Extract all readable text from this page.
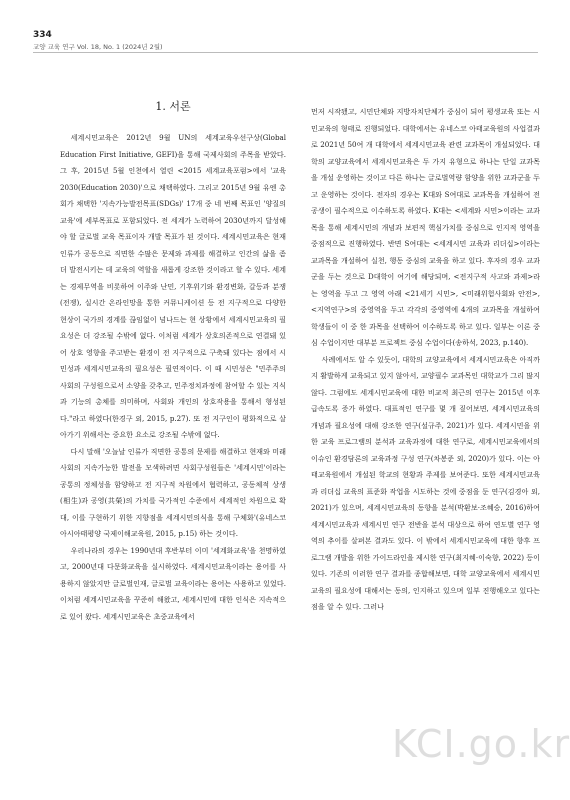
334
교양 교육 연구 Vol. 18, No. 1 (2024년 2월)
1. 서론

세계시민교육은 2012년 9월 UN의 세계교육우선구상(Global Education First Initiative, GEFI)을 통해 국제사회의 주목을 받았다. 그 후, 2015년 5월 인천에서 열린 <2015 세계교육포럼>에서 '교육 2030(Education 2030)'으로 채택하였다. 그리고 2015년 9월 유엔 총회가 채택한 '지속가능발전목표(SDGs)' 17개 중 네 번째 목표인 '양질의 교육'에 세부목표로 포함되었다. 전 세계가 노력하여 2030년까지 달성해야 할 글로벌 교육 목표이자 개발 목표가 된 것이다. 세계시민교육은 현재 인류가 공동으로 직면한 수많은 문제와 과제를 해결하고 인간의 삶을 좀 더 발전시키는 데 교육의 역할을 새롭게 강조한 것이라고 할 수 있다. 세계는 경제무역을 비롯하여 이주와 난민, 기후위기와 환경변화, 갈등과 분쟁(전쟁), 실시간 온라인망을 통한 커뮤니케이션 등 전 지구적으로 다양한 현상이 국가의 경계를 끊임없이 넘나드는 현 상황에서 세계시민교육의 필요성은 더 강조될 수밖에 없다. 이처럼 세계가 상호의존적으로 연결돼 있어 상호 영향을 주고받는 환경이 전 지구적으로 구축돼 있다는 점에서 시민성과 세계시민교육의 필요성은 필연적이다. 이 때 시민성은 "민주주의 사회의 구성원으로서 소양을 갖추고, 민주정치과정에 참여할 수 있는 지식과 기능의 총체를 의미하며, 사회와 개인의 상호작용을 통해서 형성된다."라고 하였다(한경구 외, 2015, p.27). 또 전 지구인이 평화적으로 살아가기 위해서는 중요한 요소로 강조될 수밖에 없다.

다시 말해 '오늘날 인류가 직면한 공통의 문제를 해결하고 현재와 미래 사회의 지속가능한 발전을 모색하려면 사회구성원들은 '세계시민'이라는 공통의 정체성을 함양하고 전 지구적 차원에서 협력하고, 공동체적 상생(相生)과 공영(共榮)의 가치를 국가적인 수준에서 세계적인 차원으로 확대, 이를 구현하기 위한 지향점을 세계시민의식을 통해 구체화'(유네스코 아시아태평양 국제이해교육원, 2015, p.15) 하는 것이다.

우리나라의 경우는 1990년대 후반부터 이미 '세계화교육'을 천명하였고, 2000년대 다문화교육을 실시하였다. 세계시민교육이라는 용어를 사용하지 않았지만 글로벌인재, 글로벌 교육이라는 용어는 사용하고 있었다. 이처럼 세계시민교육을 꾸준히 해왔고, 세계시민에 대한 인식은 지속적으로 있어 왔다. 세계시민교육은 초중교육에서

먼저 시작됐고, 시민단체와 지방자치단체가 중심이 되어 평생교육 또는 시민교육의 형태로 진행되었다. 대학에서는 유네스코 아태교육원의 사업결과로 2021년 50여 개 대학에서 세계시민교육 관련 교과목이 개설되었다. 대학의 교양교육에서 세계시민교육은 두 가지 유형으로 하나는 단일 교과목을 개설 운영하는 것이고 다른 하나는 글로벌역량 함양을 위한 교과군을 두고 운영하는 것이다. 전자의 경우는 K대와 S여대로 교과목을 개설하여 전공생이 필수적으로 이수하도록 하였다. K대는 <세계와 시민>이라는 교과목을 통해 세계시민의 개념과 보편적 핵심가치를 중심으로 인지적 영역을 중점적으로 진행하였다. 반면 S여대는 <세계시민 교육과 리더십>이라는 교과목을 개설하여 실천, 행동 중심의 교육을 하고 있다. 후자의 경우 교과군을 두는 것으로 D대학이 여기에 해당되며, <전지구적 사고와 과제>라는 영역을 두고 그 영역 아래 <21세기 시민>, <미래위험사회와 안전>, <지역연구>의 중영역을 두고 각각의 중영역에 4개의 교과목을 개설하여 학생들이 이 중 한 과목을 선택하여 이수하도록 하고 있다. 일부는 이론 중심 수업이지만 대부분 프로젝트 중심 수업이다(송하석, 2023, p.140).

사례에서도 알 수 있듯이, 대학의 교양교육에서 세계시민교육은 아직까지 활발하게 교육되고 있지 않아서, 교양필수 교과목인 대학교가 그리 많지 않다. 그럼에도 세계시민교육에 대한 비교적 최근의 연구는 2015년 이후 급속도록 증가 하였다. 대표적인 연구를 몇 개 짚어보면, 세계시민교육의 개념과 필요성에 대해 강조한 연구(설규주, 2021)가 있다. 세계시민을 위한 교육 프로그램의 분석과 교육과정에 대한 연구로, 세계시민교육에서의 이슈인 환경담론의 교육과정 구성 연구(차봉준 외, 2020)가 있다. 이는 아태교육원에서 개설된 학교의 현황과 주제를 보여준다. 또한 세계시민교육과 리더십 교육의 표준화 작업을 시도하는 것에 중점을 둔 연구(김경아 외, 2021)가 있으며, 세계시민교육의 동향을 분석(박환보·조혜승, 2016)하여 세계시민교육과 세계시민 연구 전반을 분석 대상으로 하여 연도별 연구 영역의 추이를 살펴본 결과도 있다. 이 밖에서 세계시민교육에 대한 향후 프로그램 개발을 위한 가이드라인을 제시한 연구(최지혜·이숙향, 2022) 등이 있다. 기존의 이러한 연구 결과를 종합해보면, 대학 교양교육에서 세계시민교육의 필요성에 대해서는 동의, 인지하고 있으며 일부 진행해오고 있다는 점을 알 수 있다. 그러나

KCI.go.kr
